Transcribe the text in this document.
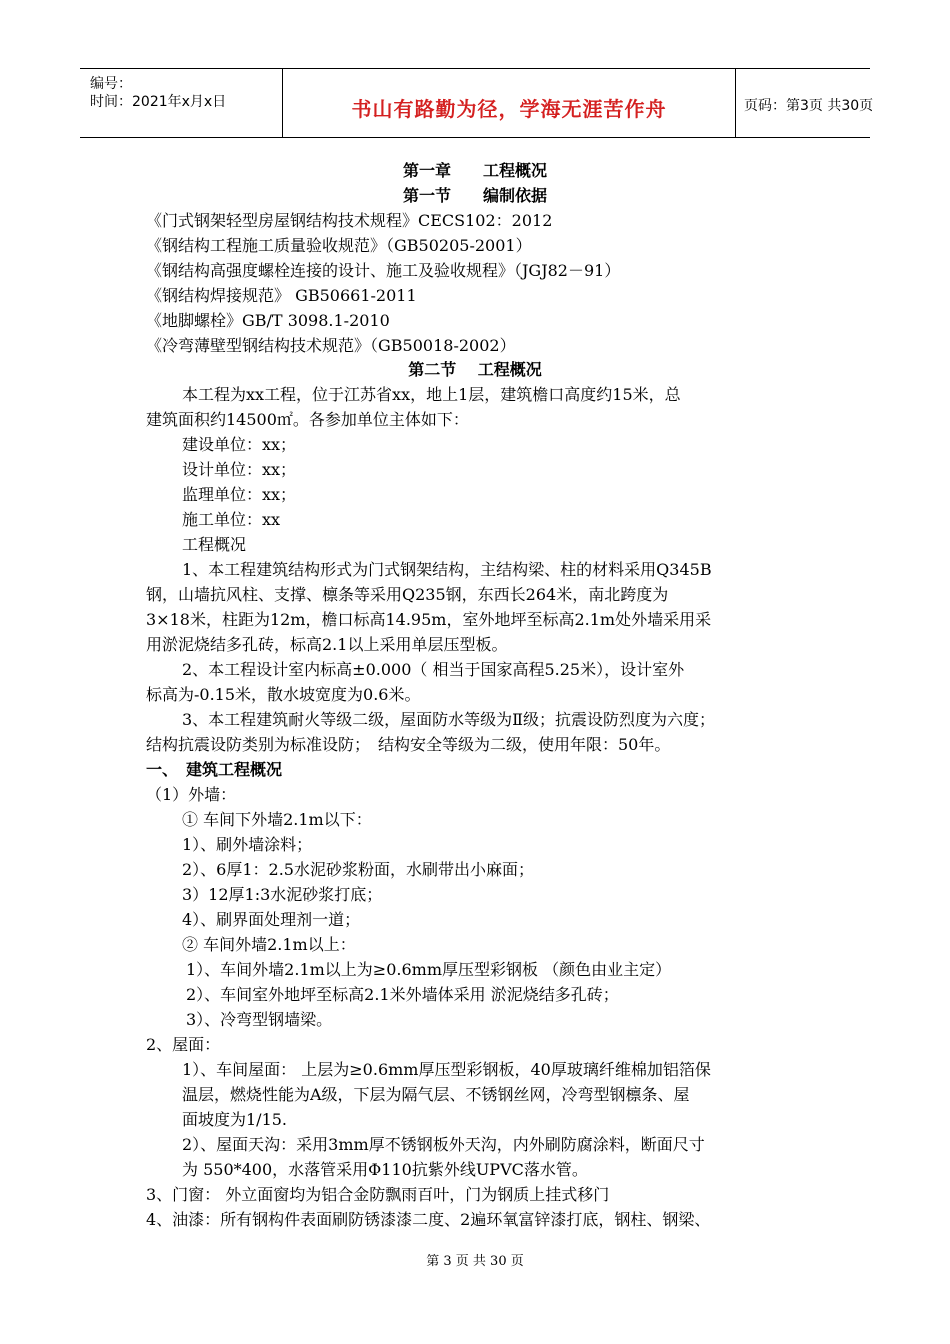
编号：
时间：2021年x月x日	书山有路勤为径，学海无涯苦作舟	页码：第3页 共30页
第一章　　工程概况
第一节　　编制依据
《门式钢架轻型房屋钢结构技术规程》CECS102：2012
《钢结构工程施工质量验收规范》（GB50205-2001）
《钢结构高强度螺栓连接的设计、施工及验收规程》（JGJ82－91）
《钢结构焊接规范》 GB50661-2011
《地脚螺栓》GB/T 3098.1-2010
《冷弯薄壁型钢结构技术规范》（GB50018-2002）
第二节　 工程概况
本工程为xx工程，位于江苏省xx，地上1层，建筑檐口高度约15米，总
建筑面积约14500㎡。各参加单位主体如下：
建设单位：xx；
设计单位：xx；
监理单位：xx；
施工单位：xx
工程概况
1、本工程建筑结构形式为门式钢架结构，主结构梁、柱的材料采用Q345B
钢，山墙抗风柱、支撑、檩条等采用Q235钢，东西长264米，南北跨度为
3×18米，柱距为12m，檐口标高14.95m，室外地坪至标高2.1m处外墙采用采
用淤泥烧结多孔砖，标高2.1以上采用单层压型板。
2、本工程设计室内标高±0.000（ 相当于国家高程5.25米），设计室外
标高为-0.15米，散水坡宽度为0.6米。
3、本工程建筑耐火等级二级，屋面防水等级为Ⅱ级；抗震设防烈度为六度；
结构抗震设防类别为标准设防；　结构安全等级为二级，使用年限：50年。
一、　建筑工程概况
（1）外墙：
① 车间下外墙2.1m以下：
1）、刷外墙涂料；
2）、6厚1：2.5水泥砂浆粉面，水刷带出小麻面；
3）12厚1:3水泥砂浆打底；
4）、刷界面处理剂一道；
② 车间外墙2.1m以上：
1）、车间外墙2.1m以上为≥0.6mm厚压型彩钢板 （颜色由业主定）
2）、车间室外地坪至标高2.1米外墙体采用 淤泥烧结多孔砖；
3）、冷弯型钢墙梁。
2、屋面：
1）、车间屋面： 上层为≥0.6mm厚压型彩钢板，40厚玻璃纤维棉加铝箔保
温层，燃烧性能为A级，下层为隔气层、不锈钢丝网，冷弯型钢檩条、屋
面坡度为1/15.
2）、屋面天沟：采用3mm厚不锈钢板外天沟，内外刷防腐涂料，断面尺寸
为 550*400，水落管采用Φ110抗紫外线UPVC落水管。
3、门窗： 外立面窗均为铝合金防飘雨百叶，门为钢质上挂式移门
4、油漆：所有钢构件表面刷防锈漆漆二度、2遍环氧富锌漆打底，钢柱、钢梁、
第 3 页 共 30 页
